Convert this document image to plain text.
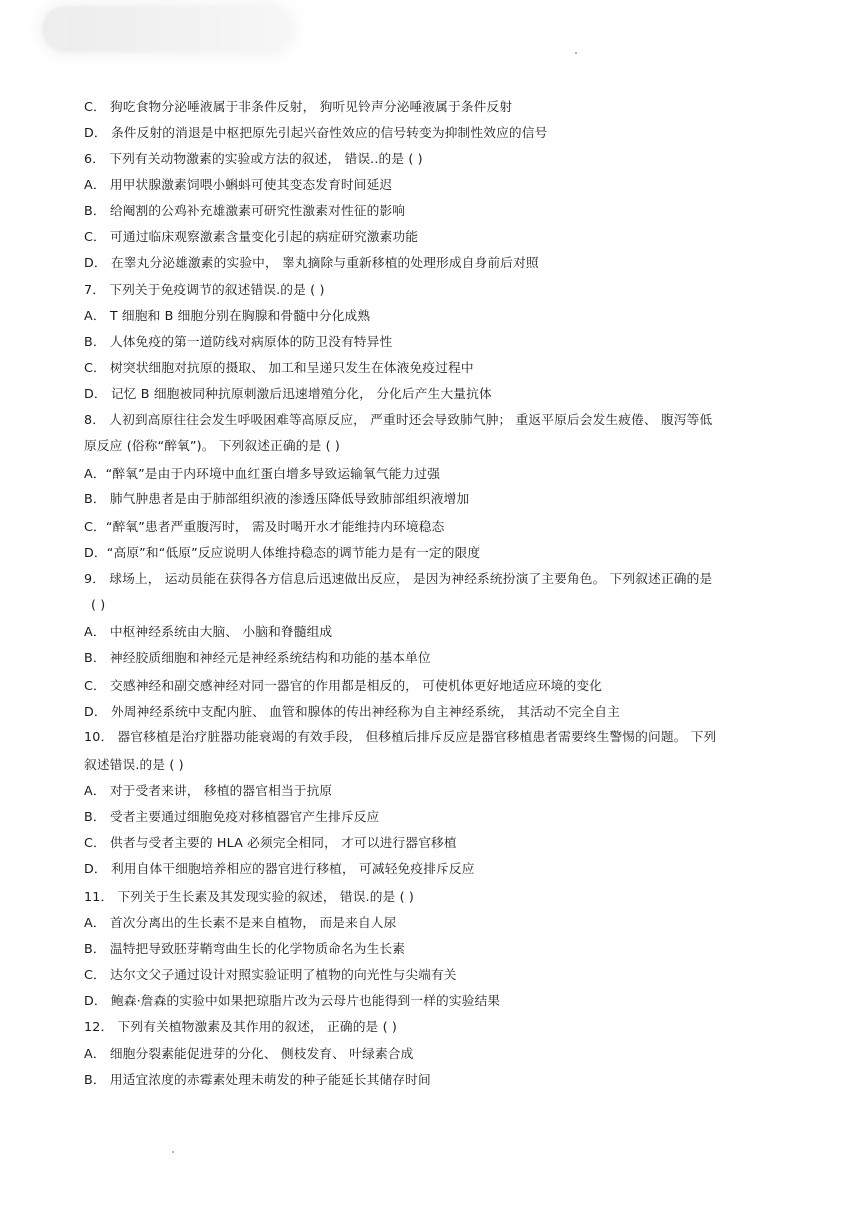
C． 狗吃食物分泌唾液属于非条件反射， 狗听见铃声分泌唾液属于条件反射
D． 条件反射的消退是中枢把原先引起兴奋性效应的信号转变为抑制性效应的信号
6． 下列有关动物激素的实验或方法的叙述， 错误..的是 ( )
A． 用甲状腺激素饲喂小蝌蚪可使其变态发育时间延迟
B． 给阉割的公鸡补充雄激素可研究性激素对性征的影响
C． 可通过临床观察激素含量变化引起的病症研究激素功能
D． 在睾丸分泌雄激素的实验中， 睾丸摘除与重新移植的处理形成自身前后对照
7． 下列关于免疫调节的叙述错误.的是 ( )
A． T 细胞和 B 细胞分别在胸腺和骨髓中分化成熟
B． 人体免疫的第一道防线对病原体的防卫没有特异性
C． 树突状细胞对抗原的摄取、 加工和呈递只发生在体液免疫过程中
D． 记忆 B 细胞被同种抗原刺激后迅速增殖分化， 分化后产生大量抗体
8． 人初到高原往往会发生呼吸困难等高原反应， 严重时还会导致肺气肿； 重返平原后会发生疲倦、 腹泻等低
原反应 (俗称“醉氧”)。 下列叙述正确的是 ( )
A．“醉氧”是由于内环境中血红蛋白增多导致运输氧气能力过强
B． 肺气肿患者是由于肺部组织液的渗透压降低导致肺部组织液增加
C．“醉氧”患者严重腹泻时， 需及时喝开水才能维持内环境稳态
D．“高原”和“低原”反应说明人体维持稳态的调节能力是有一定的限度
9． 球场上， 运动员能在获得各方信息后迅速做出反应， 是因为神经系统扮演了主要角色。 下列叙述正确的是
( )
A． 中枢神经系统由大脑、 小脑和脊髓组成
B． 神经胶质细胞和神经元是神经系统结构和功能的基本单位
C． 交感神经和副交感神经对同一器官的作用都是相反的， 可使机体更好地适应环境的变化
D． 外周神经系统中支配内脏、 血管和腺体的传出神经称为自主神经系统， 其活动不完全自主
10． 器官移植是治疗脏器功能衰竭的有效手段， 但移植后排斥反应是器官移植患者需要终生警惕的问题。 下列
叙述错误.的是 ( )
A． 对于受者来讲， 移植的器官相当于抗原
B． 受者主要通过细胞免疫对移植器官产生排斥反应
C． 供者与受者主要的 HLA 必须完全相同， 才可以进行器官移植
D． 利用自体干细胞培养相应的器官进行移植， 可减轻免疫排斥反应
11． 下列关于生长素及其发现实验的叙述， 错误.的是 ( )
A． 首次分离出的生长素不是来自植物， 而是来自人尿
B． 温特把导致胚芽鞘弯曲生长的化学物质命名为生长素
C． 达尔文父子通过设计对照实验证明了植物的向光性与尖端有关
D． 鲍森·詹森的实验中如果把琼脂片改为云母片也能得到一样的实验结果
12． 下列有关植物激素及其作用的叙述， 正确的是 ( )
A． 细胞分裂素能促进芽的分化、 侧枝发育、 叶绿素合成
B． 用适宜浓度的赤霉素处理未萌发的种子能延长其储存时间
